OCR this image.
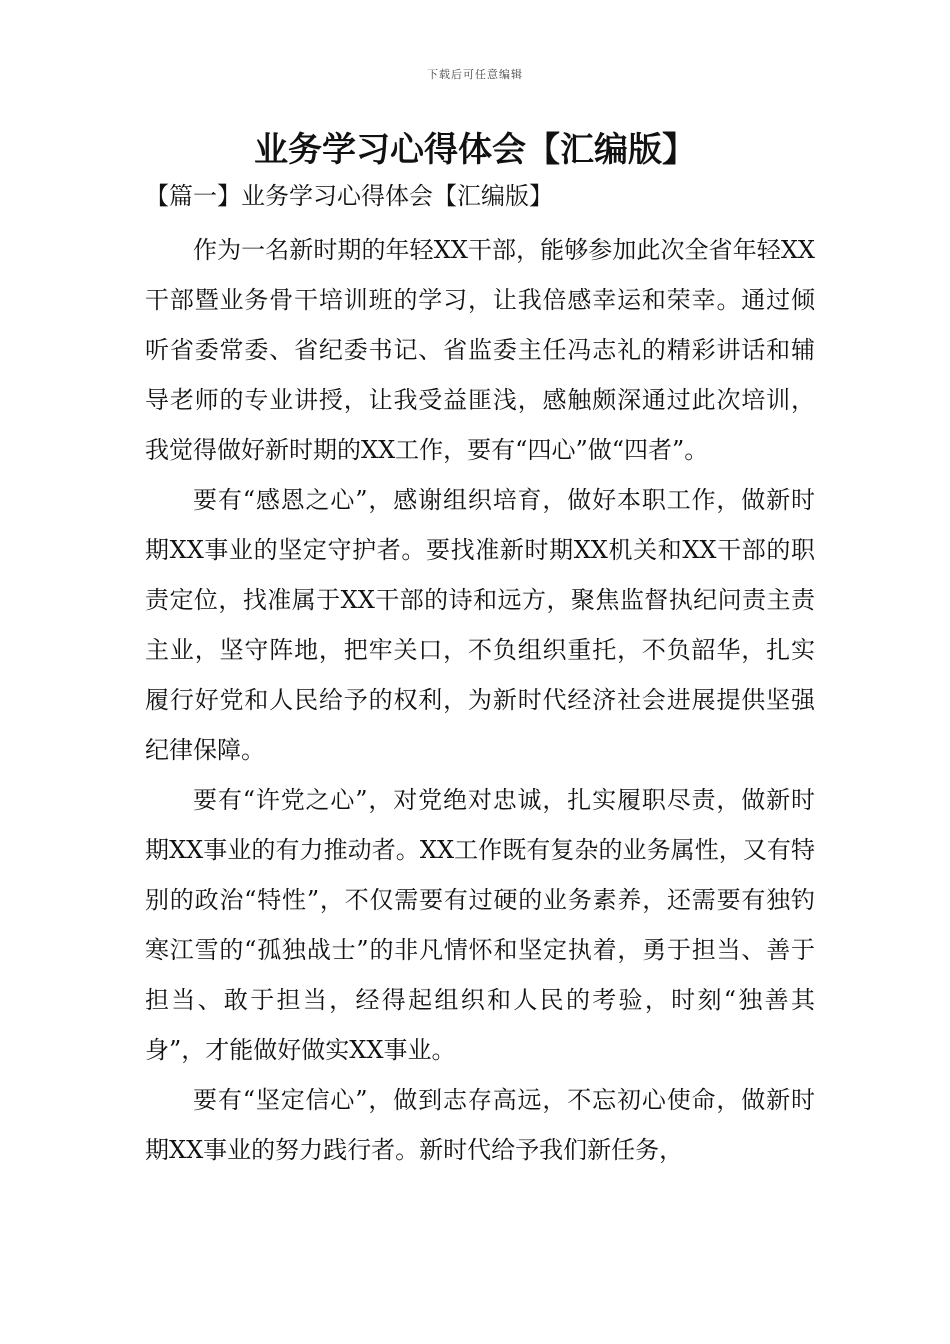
下载后可任意编辑
业务学习心得体会【汇编版】
【篇一】业务学习心得体会【汇编版】

作为一名新时期的年轻XX干部，能够参加此次全省年轻XX干部暨业务骨干培训班的学习，让我倍感幸运和荣幸。通过倾听省委常委、省纪委书记、省监委主任冯志礼的精彩讲话和辅导老师的专业讲授，让我受益匪浅，感触颇深通过此次培训，我觉得做好新时期的XX工作，要有“四心”做“四者”。

要有“感恩之心”，感谢组织培育，做好本职工作，做新时期XX事业的坚定守护者。要找准新时期XX机关和XX干部的职责定位，找准属于XX干部的诗和远方，聚焦监督执纪问责主责主业，坚守阵地，把牢关口，不负组织重托，不负韶华，扎实履行好党和人民给予的权利，为新时代经济社会进展提供坚强纪律保障。

要有“许党之心”，对党绝对忠诚，扎实履职尽责，做新时期XX事业的有力推动者。XX工作既有复杂的业务属性，又有特别的政治“特性”，不仅需要有过硬的业务素养，还需要有独钓寒江雪的“孤独战士”的非凡情怀和坚定执着，勇于担当、善于担当、敢于担当，经得起组织和人民的考验，时刻“独善其身”，才能做好做实XX事业。

要有“坚定信心”，做到志存高远，不忘初心使命，做新时期XX事业的努力践行者。新时代给予我们新任务，
